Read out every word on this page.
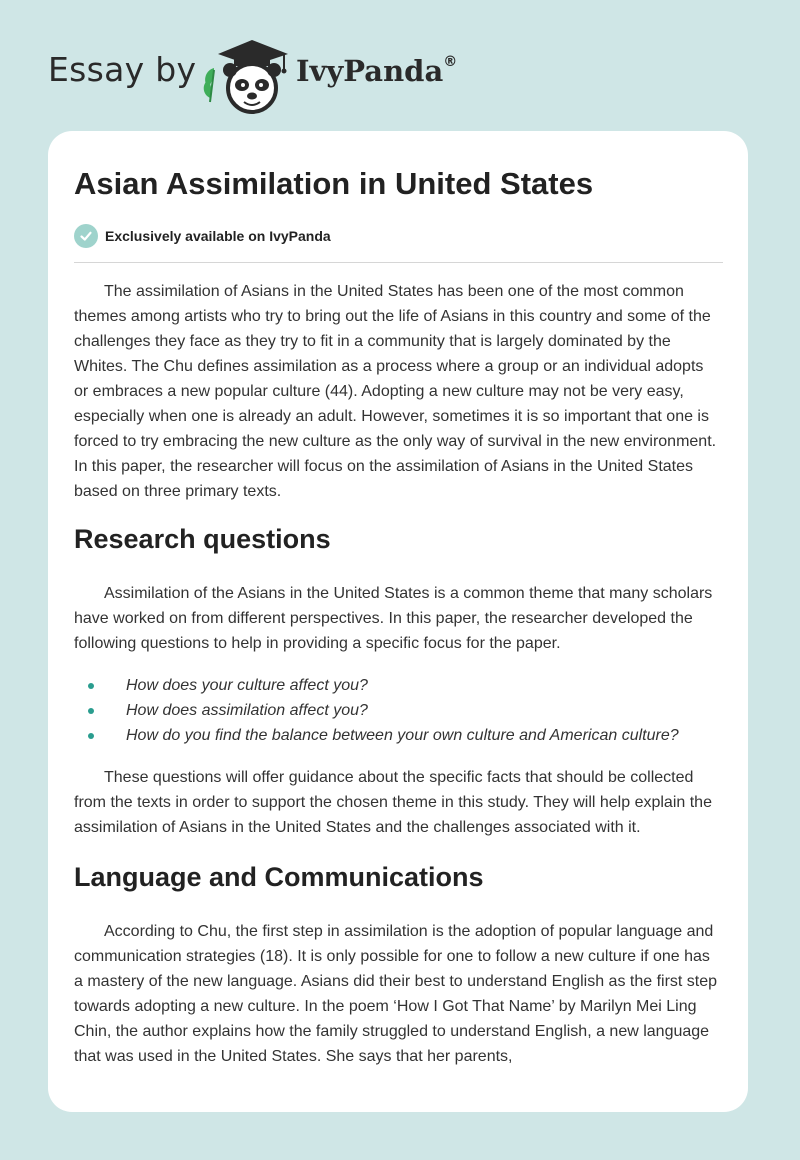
Essay by	IvyPanda®
Asian Assimilation in United States
Exclusively available on IvyPanda

The assimilation of Asians in the United States has been one of the most common themes among artists who try to bring out the life of Asians in this country and some of the challenges they face as they try to fit in a community that is largely dominated by the Whites. The Chu defines assimilation as a process where a group or an individual adopts or embraces a new popular culture (44). Adopting a new culture may not be very easy, especially when one is already an adult. However, sometimes it is so important that one is forced to try embracing the new culture as the only way of survival in the new environment. In this paper, the researcher will focus on the assimilation of Asians in the United States based on three primary texts.

Research questions

Assimilation of the Asians in the United States is a common theme that many scholars have worked on from different perspectives. In this paper, the researcher developed the following questions to help in providing a specific focus for the paper.

How does your culture affect you?
How does assimilation affect you?
How do you find the balance between your own culture and American culture?

These questions will offer guidance about the specific facts that should be collected from the texts in order to support the chosen theme in this study. They will help explain the assimilation of Asians in the United States and the challenges associated with it.

Language and Communications

According to Chu, the first step in assimilation is the adoption of popular language and communication strategies (18). It is only possible for one to follow a new culture if one has a mastery of the new language. Asians did their best to understand English as the first step towards adopting a new culture. In the poem ‘How I Got That Name’ by Marilyn Mei Ling Chin, the author explains how the family struggled to understand English, a new language that was used in the United States. She says that her parents,
